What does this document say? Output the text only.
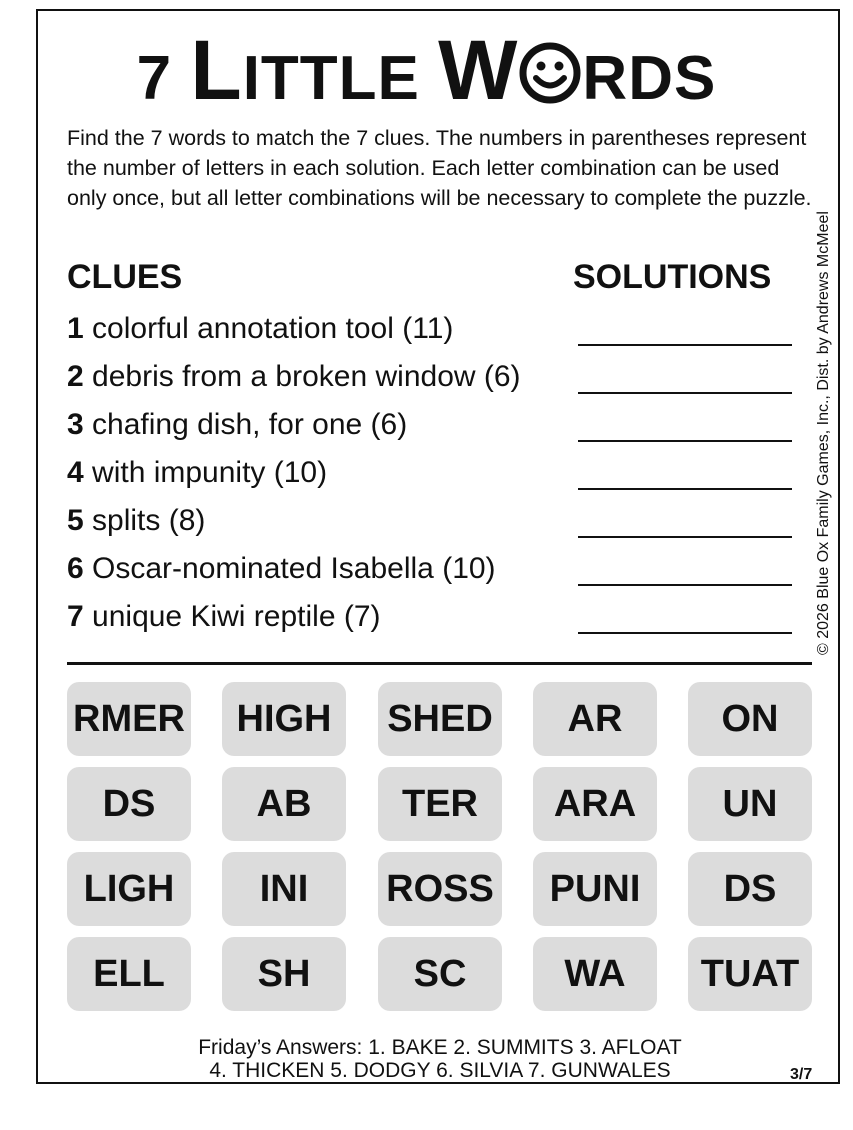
7 LITTLE W RDS
Find the 7 words to match the 7 clues. The numbers in parentheses represent the number of letters in each solution. Each letter combination can be used only once, but all letter combinations will be necessary to complete the puzzle.
© 2026 Blue Ox Family Games, Inc., Dist. by Andrews McMeel
CLUES	SOLUTIONS
1 colorful annotation tool (11)
2 debris from a broken window (6)
3 chafing dish, for one (6)
4 with impunity (10)
5 splits (8)
6 Oscar-nominated Isabella (10)
7 unique Kiwi reptile (7)
RMER	HIGH	SHED	AR	ON
DS	AB	TER	ARA	UN
LIGH	INI	ROSS	PUNI	DS
ELL	SH	SC	WA	TUAT
Friday’s Answers: 1. BAKE 2. SUMMITS 3. AFLOAT
4. THICKEN 5. DODGY 6. SILVIA 7. GUNWALES	3/7
